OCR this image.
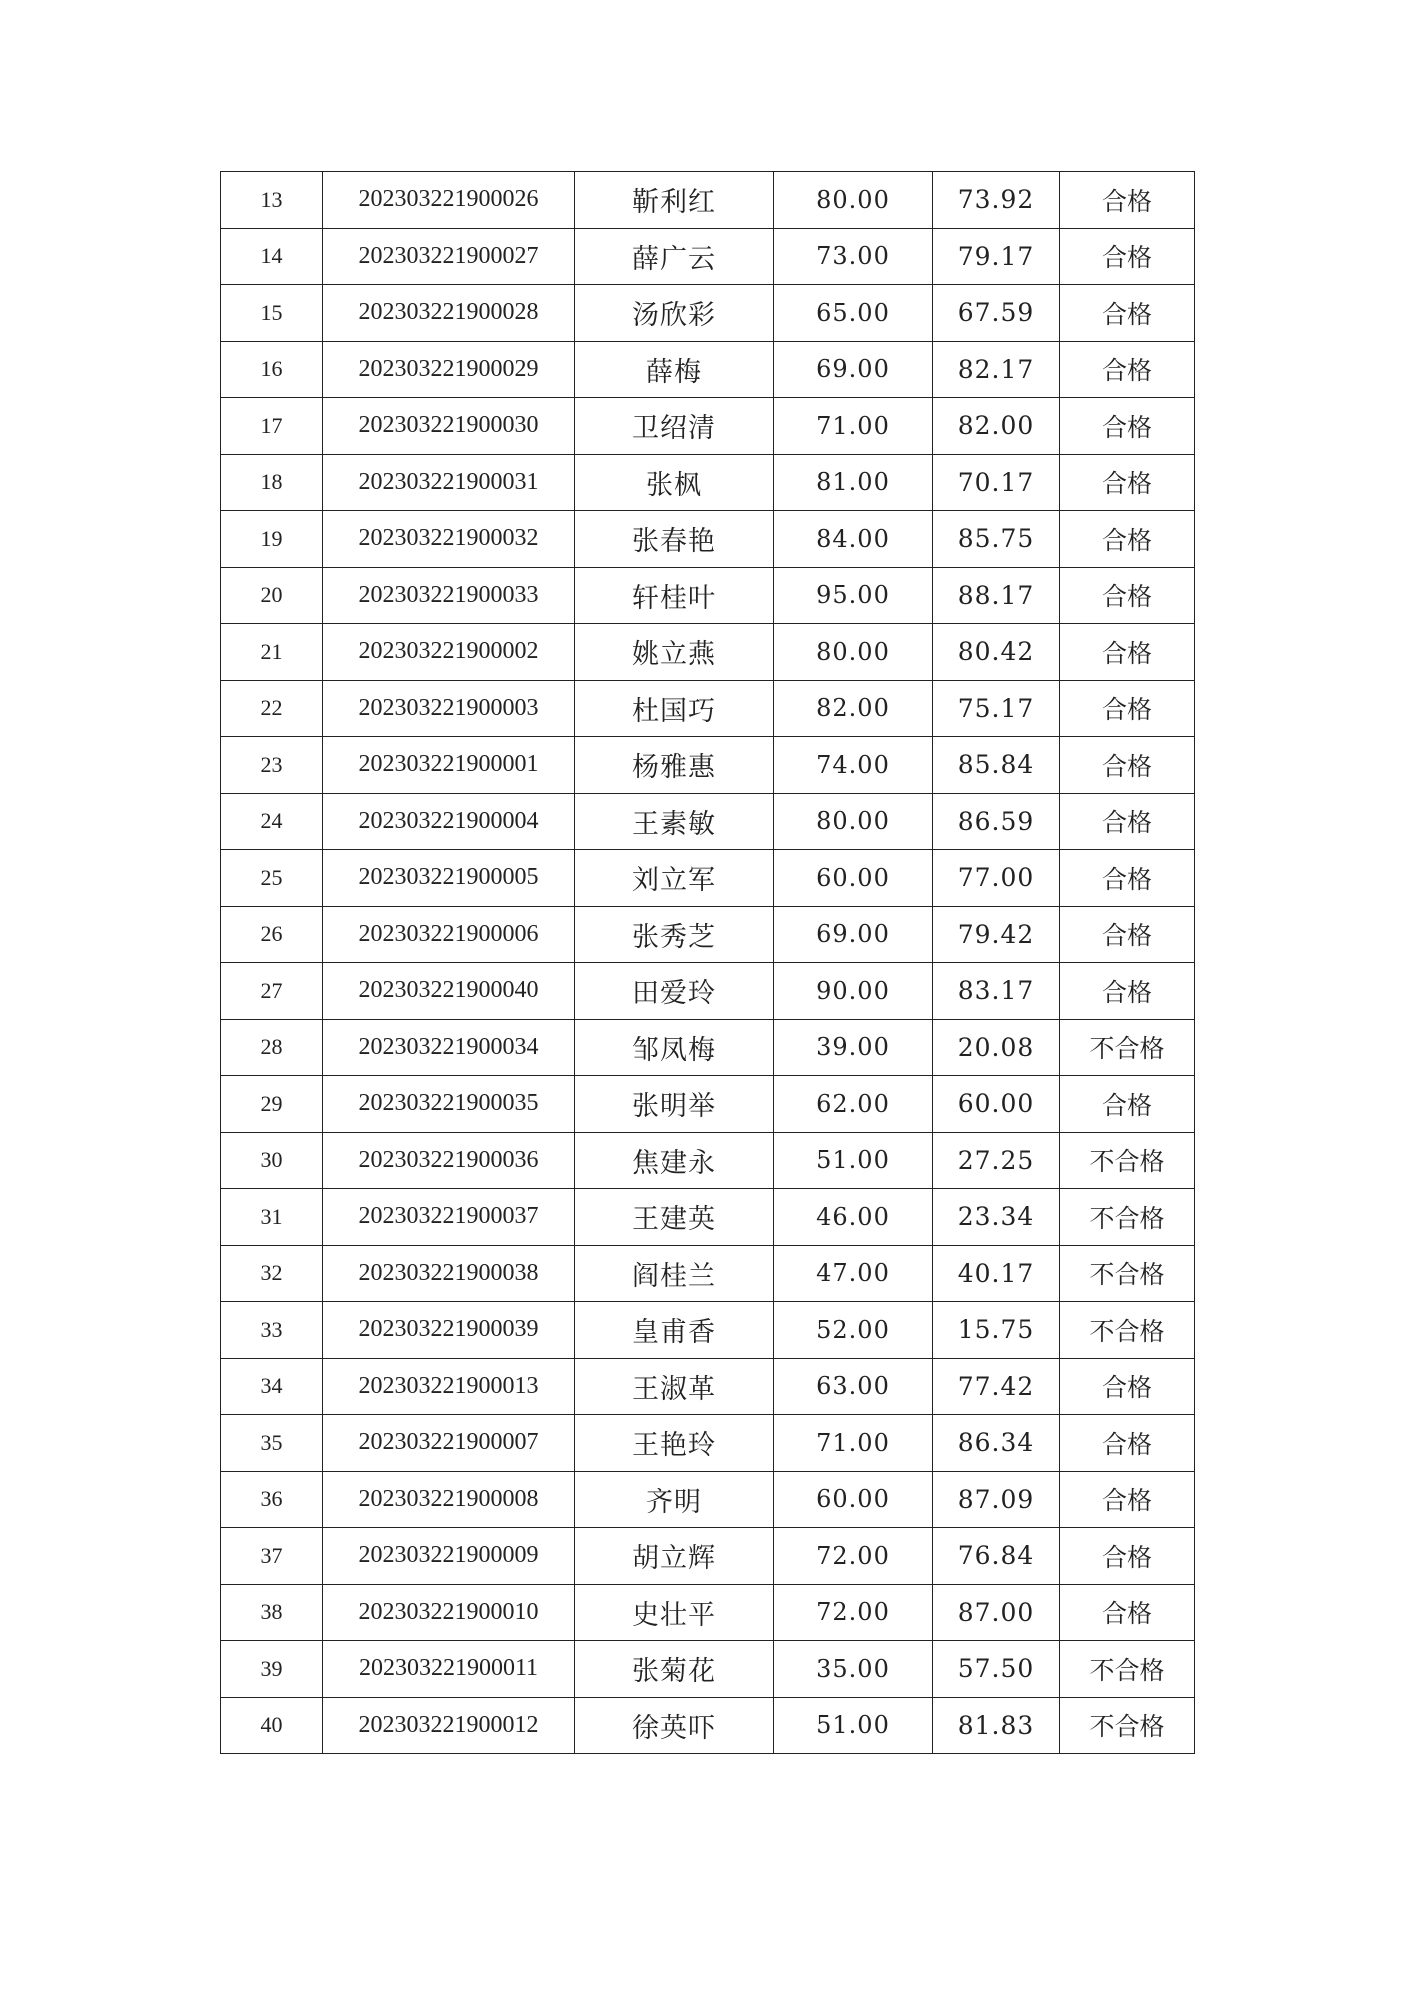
13	202303221900026	靳利红	80.00	73.92	合格
14	202303221900027	薛广云	73.00	79.17	合格
15	202303221900028	汤欣彩	65.00	67.59	合格
16	202303221900029	薛梅	69.00	82.17	合格
17	202303221900030	卫绍清	71.00	82.00	合格
18	202303221900031	张枫	81.00	70.17	合格
19	202303221900032	张春艳	84.00	85.75	合格
20	202303221900033	轩桂叶	95.00	88.17	合格
21	202303221900002	姚立燕	80.00	80.42	合格
22	202303221900003	杜国巧	82.00	75.17	合格
23	202303221900001	杨雅惠	74.00	85.84	合格
24	202303221900004	王素敏	80.00	86.59	合格
25	202303221900005	刘立军	60.00	77.00	合格
26	202303221900006	张秀芝	69.00	79.42	合格
27	202303221900040	田爱玲	90.00	83.17	合格
28	202303221900034	邹凤梅	39.00	20.08	不合格
29	202303221900035	张明举	62.00	60.00	合格
30	202303221900036	焦建永	51.00	27.25	不合格
31	202303221900037	王建英	46.00	23.34	不合格
32	202303221900038	阎桂兰	47.00	40.17	不合格
33	202303221900039	皇甫香	52.00	15.75	不合格
34	202303221900013	王淑革	63.00	77.42	合格
35	202303221900007	王艳玲	71.00	86.34	合格
36	202303221900008	齐明	60.00	87.09	合格
37	202303221900009	胡立辉	72.00	76.84	合格
38	202303221900010	史壮平	72.00	87.00	合格
39	202303221900011	张菊花	35.00	57.50	不合格
40	202303221900012	徐英吓	51.00	81.83	不合格
